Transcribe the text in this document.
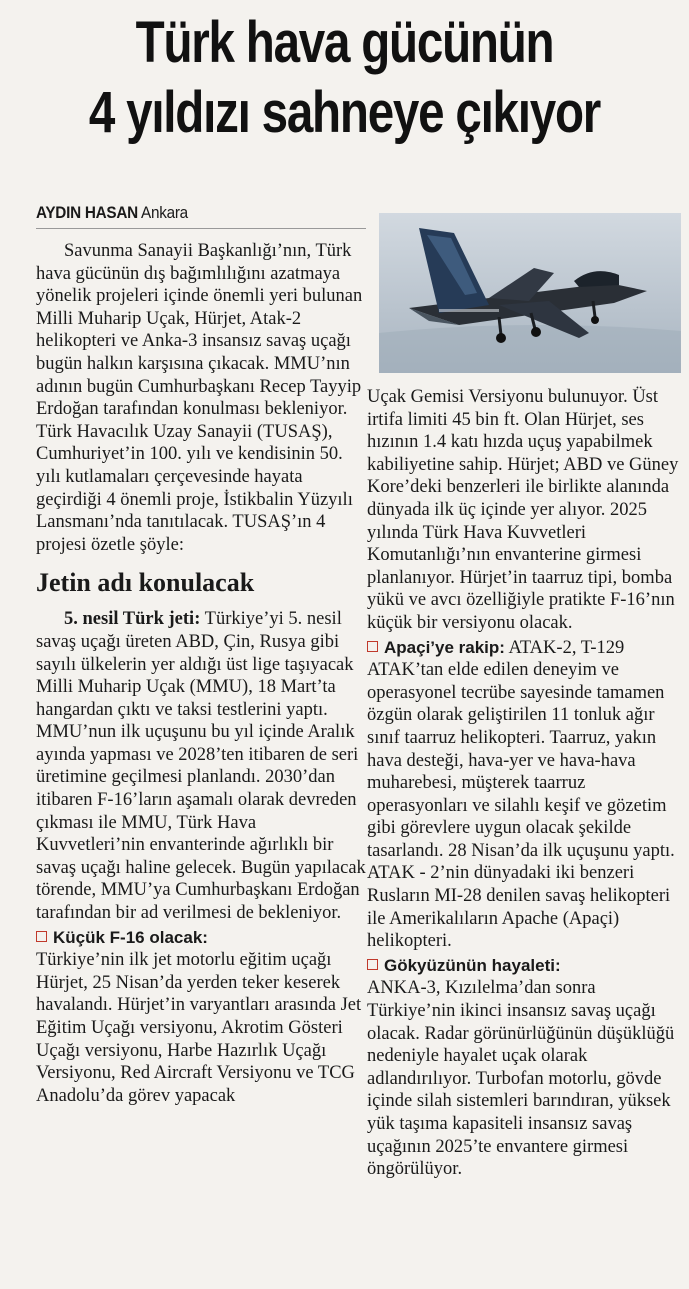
Türk hava gücünün
4 yıldızı sahneye çıkıyor
AYDIN HASAN Ankara

Savunma Sanayii Başkanlığı’nın, Türk hava gücünün dış bağımlılığını azatmaya yönelik projeleri içinde önemli yeri bulunan Milli Muharip Uçak, Hürjet, Atak-2 helikopteri ve Anka-3 insansız savaş uçağı bugün halkın karşısına çıkacak. MMU’nın adının bugün Cumhurbaşkanı Recep Tayyip Erdoğan tarafından konulması bekleniyor. Türk Havacılık Uzay Sanayii (TUSAŞ), Cumhuriyet’in 100. yılı ve kendisinin 50. yılı kutlamaları çerçevesinde hayata geçirdiği 4 önemli proje, İstikbalin Yüzyılı Lansmanı’nda tanıtılacak. TUSAŞ’ın 4 projesi özetle şöyle:

Jetin adı konulacak

5. nesil Türk jeti: Türkiye’yi 5. nesil savaş uçağı üreten ABD, Çin, Rusya gibi sayılı ülkelerin yer aldığı üst lige taşıyacak Milli Muharip Uçak (MMU), 18 Mart’ta hangardan çıktı ve taksi testlerini yaptı. MMU’nun ilk uçuşunu bu yıl içinde Aralık ayında yapması ve 2028’ten itibaren de seri üretimine geçilmesi planlandı. 2030’dan itibaren F-16’ların aşamalı olarak devreden çıkması ile MMU, Türk Hava Kuvvetleri’nin envanterinde ağırlıklı bir savaş uçağı haline gelecek. Bugün yapılacak törende, MMU’ya Cumhurbaşkanı Erdoğan tarafından bir ad verilmesi de bekleniyor.

Küçük F-16 olacak:

Türkiye’nin ilk jet motorlu eğitim uçağı Hürjet, 25 Nisan’da yerden teker keserek havalandı. Hürjet’in varyantları arasında Jet Eğitim Uçağı versiyonu, Akrotim Gösteri Uçağı versiyonu, Harbe Hazırlık Uçağı Versiyonu, Red Aircraft Versiyonu ve TCG Anadolu’da görev yapacak

Uçak Gemisi Versiyonu bulunuyor. Üst irtifa limiti 45 bin ft. Olan Hürjet, ses hızının 1.4 katı hızda uçuş yapabilmek kabiliyetine sahip. Hürjet; ABD ve Güney Kore’deki benzerleri ile birlikte alanında dünyada ilk üç içinde yer alıyor. 2025 yılında Türk Hava Kuvvetleri Komutanlığı’nın envanterine girmesi planlanıyor. Hürjet’in taarruz tipi, bomba yükü ve avcı özelliğiyle pratikte F-16’nın küçük bir versiyonu olacak.

Apaçi’ye rakip: ATAK-2, T-129 ATAK’tan elde edilen deneyim ve operasyonel tecrübe sayesinde tamamen özgün olarak geliştirilen 11 tonluk ağır sınıf taarruz helikopteri. Taarruz, yakın hava desteği, hava-yer ve hava-hava muharebesi, müşterek taarruz operasyonları ve silahlı keşif ve gözetim gibi görevlere uygun olacak şekilde tasarlandı. 28 Nisan’da ilk uçuşunu yaptı. ATAK - 2’nin dünyadaki iki benzeri Rusların MI-28 denilen savaş helikopteri ile Amerikalıların Apache (Apaçi) helikopteri.

Gökyüzünün hayaleti:

ANKA-3, Kızılelma’dan sonra Türkiye’nin ikinci insansız savaş uçağı olacak. Radar görünürlüğünün düşüklüğü nedeniyle hayalet uçak olarak adlandırılıyor. Turbofan motorlu, gövde içinde silah sistemleri barındıran, yüksek yük taşıma kapasiteli insansız savaş uçağının 2025’te envantere girmesi öngörülüyor.
